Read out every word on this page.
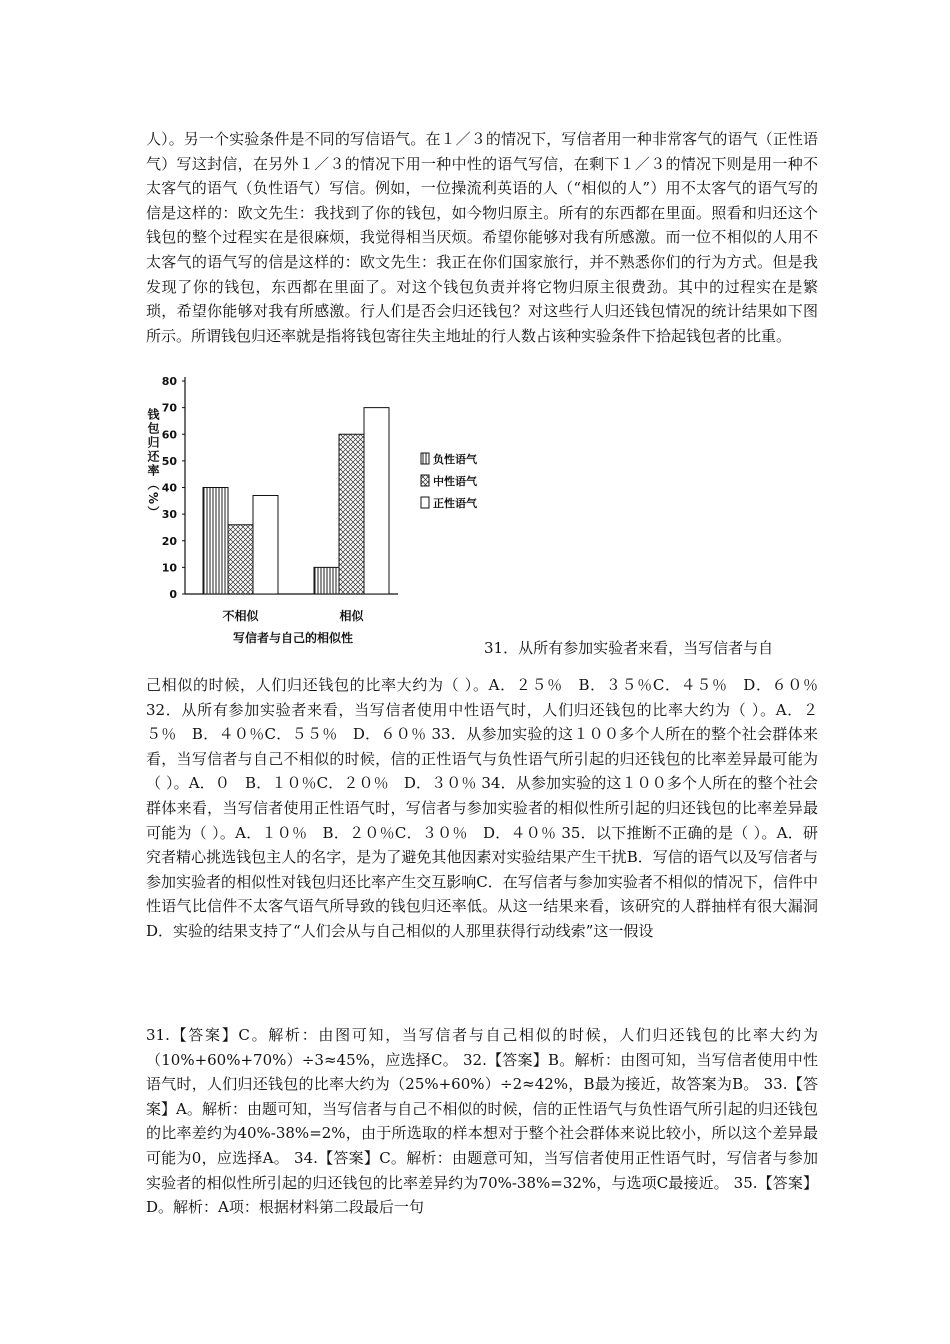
人）。另一个实验条件是不同的写信语气。在１／３的情况下，写信者用一种非常客气的语气（正性语气）写这封信，在另外１／３的情况下用一种中性的语气写信，在剩下１／３的情况下则是用一种不太客气的语气（负性语气）写信。例如，一位操流利英语的人（“相似的人”）用不太客气的语气写的信是这样的：欧文先生：我找到了你的钱包，如今物归原主。所有的东西都在里面。照看和归还这个钱包的整个过程实在是很麻烦，我觉得相当厌烦。希望你能够对我有所感激。而一位不相似的人用不太客气的语气写的信是这样的：欧文先生：我正在你们国家旅行，并不熟悉你们的行为方式。但是我发现了你的钱包，东西都在里面了。对这个钱包负责并将它物归原主很费劲。其中的过程实在是繁琐，希望你能够对我有所感激。行人们是否会归还钱包？对这些行人归还钱包情况的统计结果如下图所示。所谓钱包归还率就是指将钱包寄往失主地址的行人数占该种实验条件下拾起钱包者的比重。

0
10
20
30
40
50
60
70
80
不相似	相似
负性语气
中性语气
正性语气
钱包归还率（%）
写信者与自己的相似性

31．从所有参加实验者来看，当写信者与自

己相似的时候，人们归还钱包的比率大约为（ ）。A．２５％　B．３５％C．４５％　D．６０％ 32．从所有参加实验者来看，当写信者使用中性语气时，人们归还钱包的比率大约为（ ）。A．２５％　B．４０％C．５５％　D．６０％ 33．从参加实验的这１００多个人所在的整个社会群体来看，当写信者与自己不相似的时候，信的正性语气与负性语气所引起的归还钱包的比率差异最可能为（ ）。A．０　B．１０％C．２０％　D．３０％ 34．从参加实验的这１００多个人所在的整个社会群体来看，当写信者使用正性语气时，写信者与参加实验者的相似性所引起的归还钱包的比率差异最可能为（ ）。A．１０％　B．２０％C．３０％　D．４０％ 35．以下推断不正确的是（ ）。A．研究者精心挑选钱包主人的名字，是为了避免其他因素对实验结果产生干扰B．写信的语气以及写信者与参加实验者的相似性对钱包归还比率产生交互影响C．在写信者与参加实验者不相似的情况下，信件中性语气比信件不太客气语气所导致的钱包归还率低。从这一结果来看，该研究的人群抽样有很大漏洞D．实验的结果支持了“人们会从与自己相似的人那里获得行动线索”这一假设

31.【答案】C。解析：由图可知，当写信者与自己相似的时候，人们归还钱包的比率大约为（10%+60%+70%）÷3≈45%，应选择C。 32.【答案】B。解析：由图可知，当写信者使用中性语气时，人们归还钱包的比率大约为（25%+60%）÷2≈42%，B最为接近，故答案为B。 33.【答案】A。解析：由题可知，当写信者与自己不相似的时候，信的正性语气与负性语气所引起的归还钱包的比率差约为40%-38%=2%，由于所选取的样本想对于整个社会群体来说比较小，所以这个差异最可能为0，应选择A。 34.【答案】C。解析：由题意可知，当写信者使用正性语气时，写信者与参加实验者的相似性所引起的归还钱包的比率差异约为70%-38%=32%，与选项C最接近。 35.【答案】D。解析：A项：根据材料第二段最后一句
